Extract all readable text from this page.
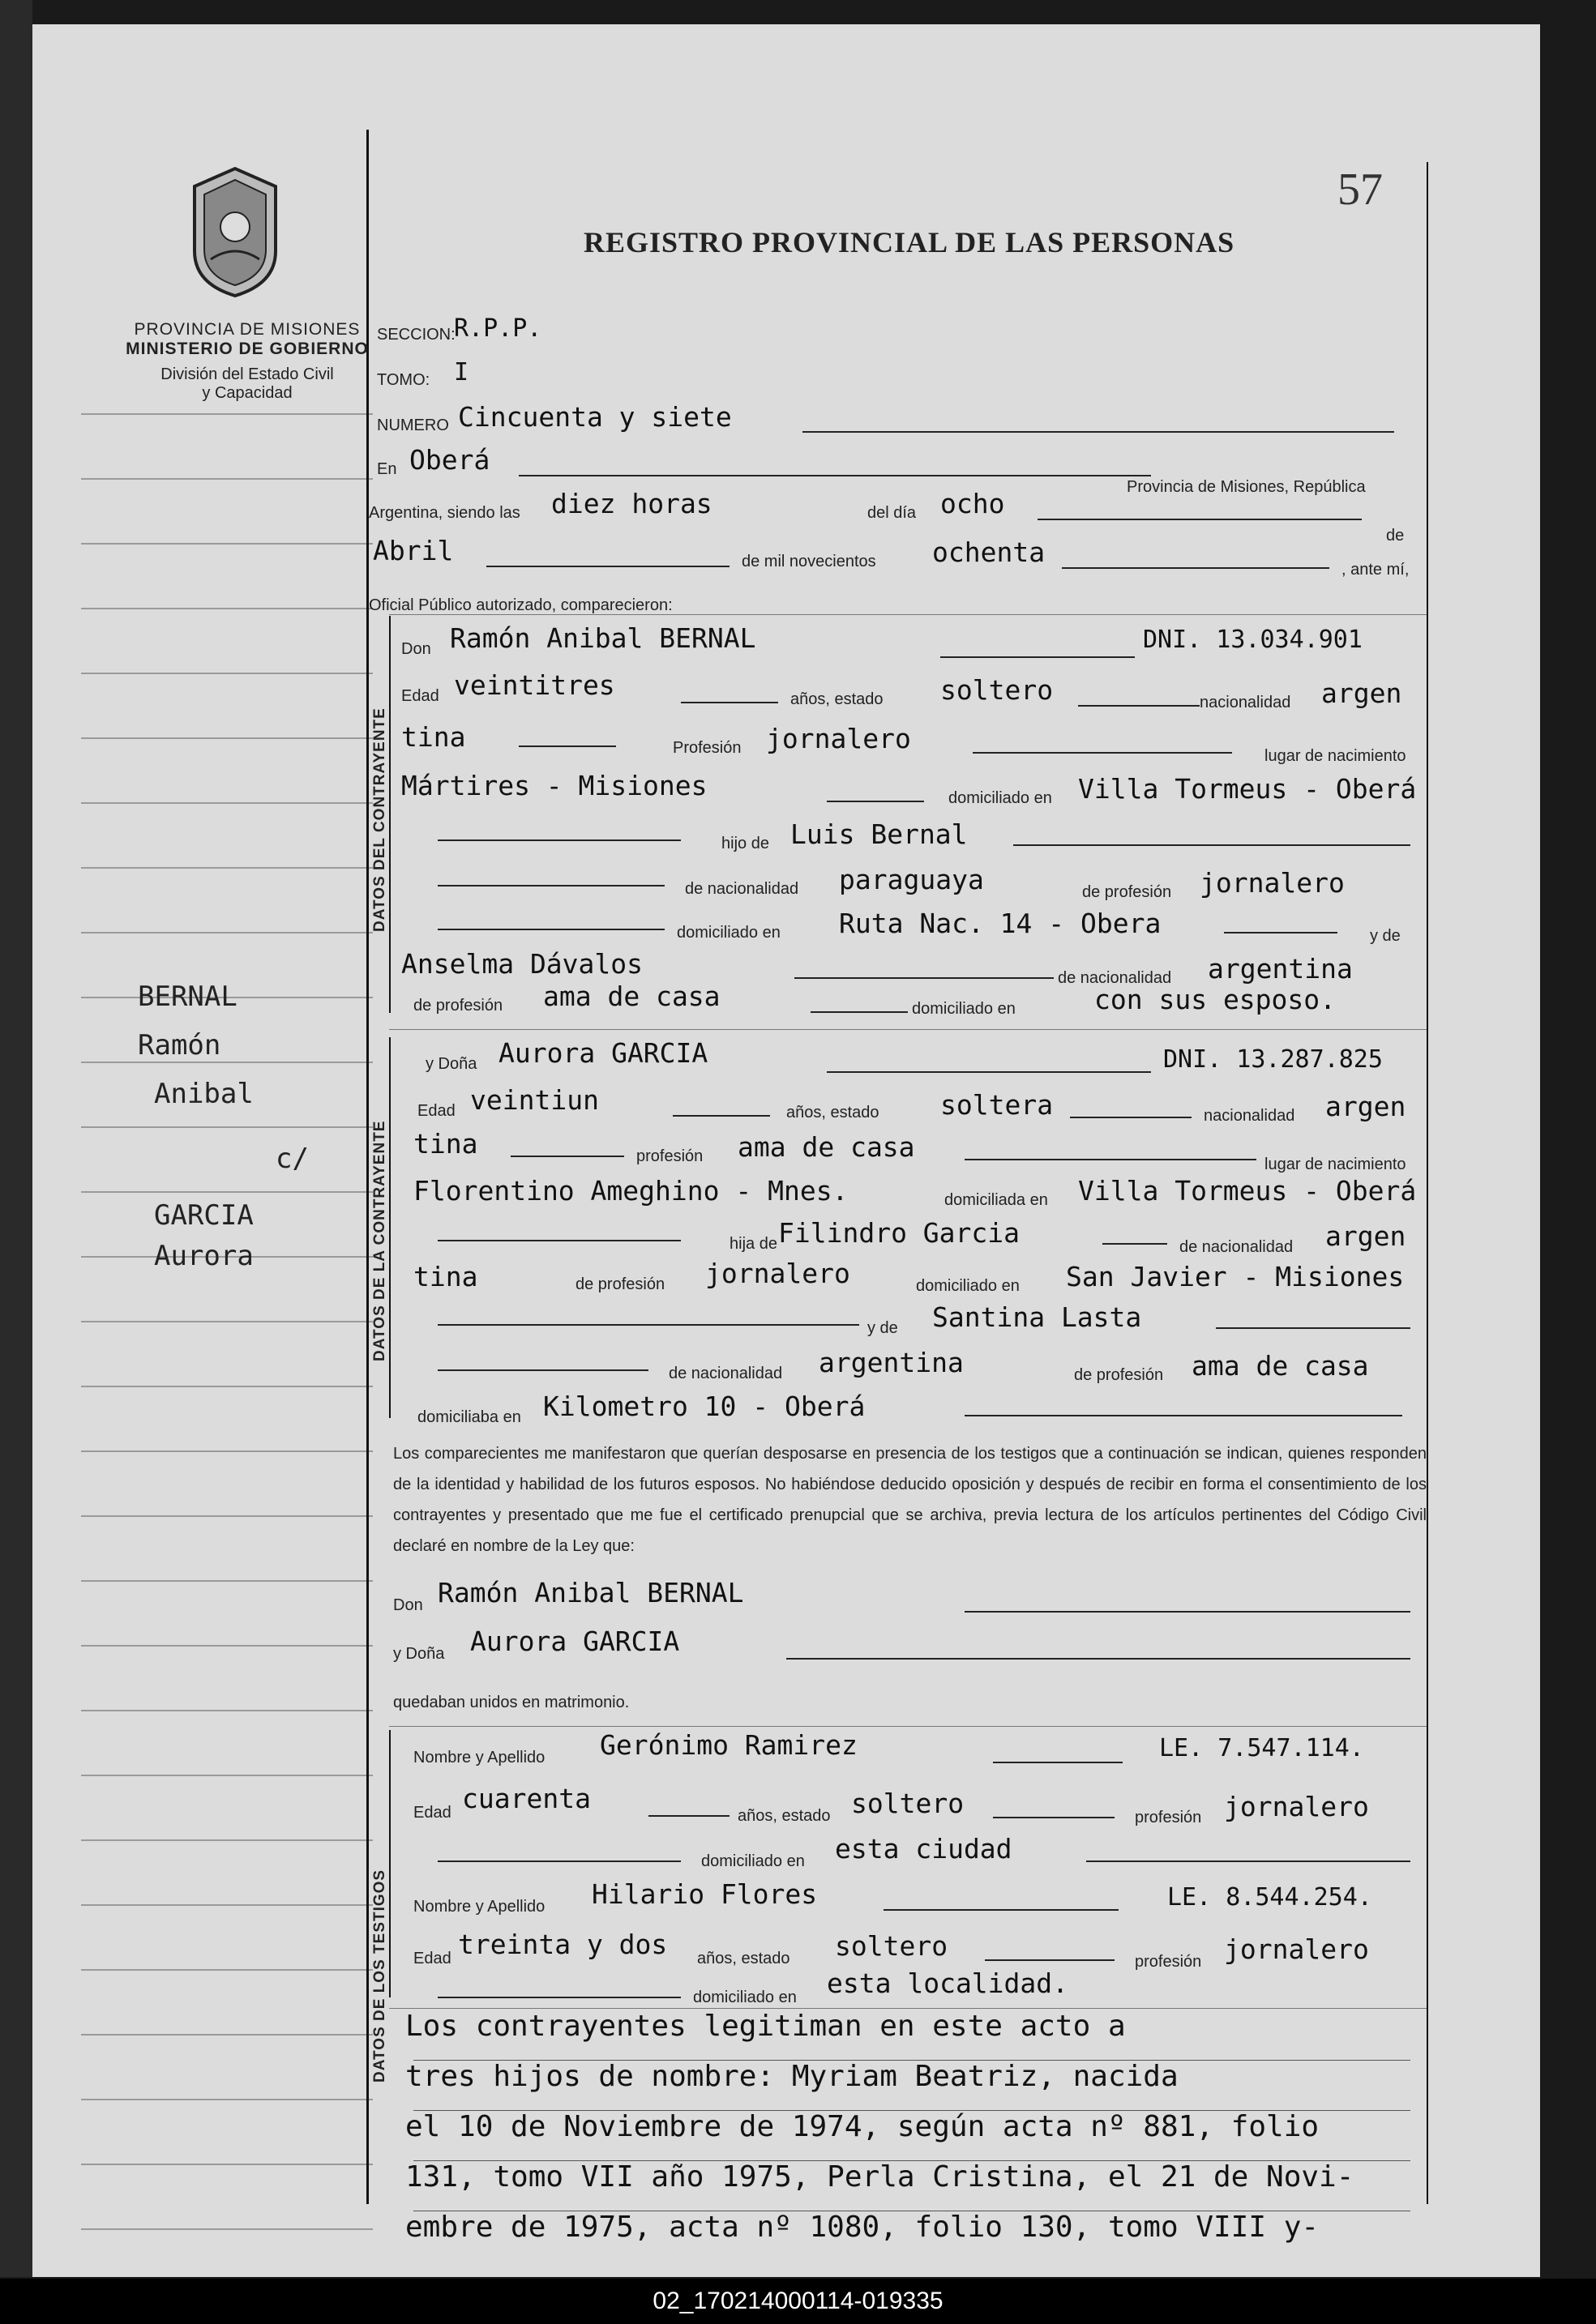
PROVINCIA DE MISIONES
MINISTERIO DE GOBIERNO
División del Estado Civil
y Capacidad
57
REGISTRO PROVINCIAL DE LAS PERSONAS
BERNAL
Ramón
Anibal
c/
GARCIA
Aurora
SECCION:
R.P.P.
TOMO: I
NUMERO Cincuenta y siete
En Oberá
Provincia de Misiones, República
Argentina, siendo las diez horas	del día ocho
de
Abril	de mil novecientos ochenta
, ante mí,
Oficial Público autorizado, comparecieron:
DATOS DEL CONTRAYENTE
Don Ramón Anibal BERNAL	DNI. 13.034.901
Edad veintitres	años, estado soltero	nacionalidad argen
tina	Profesión jornalero
lugar de nacimiento
Mártires - Misiones	domiciliado en Villa Tormeus - Oberá
hijo de Luis Bernal
de nacionalidad paraguaya	de profesión jornalero
domiciliado en Ruta Nac. 14 - Obera	y de
Anselma Dávalos	de nacionalidad argentina
de profesión ama de casa	domiciliado en	con sus esposo.
DATOS DE LA CONTRAYENTE
y Doña Aurora GARCIA	DNI. 13.287.825
Edad veintiun	años, estado soltera	nacionalidad argen
tina	profesión ama de casa
lugar de nacimiento
Florentino Ameghino - Mnes.	domiciliada en Villa Tormeus - Oberá
hija de Filindro Garcia	de nacionalidad argen
tina	de profesión jornalero	domiciliado en San Javier - Misiones
y de Santina Lasta
de nacionalidad argentina	de profesión ama de casa
domiciliaba en Kilometro 10 - Oberá
Los comparecientes me manifestaron que querían desposarse en presencia de los testigos que a continuación se indican, quienes responden de la identidad y habilidad de los futuros esposos. No habiéndose deducido oposición y después de recibir en forma el consentimiento de los contrayentes y presentado que me fue el certificado prenupcial que se archiva, previa lectura de los artículos pertinentes del Código Civil declaré en nombre de la Ley que:
Don Ramón Anibal BERNAL
y Doña Aurora GARCIA
quedaban unidos en matrimonio.
DATOS DE LOS TESTIGOS
Nombre y Apellido Gerónimo Ramirez	LE. 7.547.114.
Edad cuarenta
años, estado soltero	profesión jornalero
domiciliado en esta ciudad
Nombre y Apellido Hilario Flores	LE. 8.544.254.
Edad treinta y dos años, estado soltero	profesión jornalero
domiciliado en esta localidad.
Los contrayentes legitiman en este acto a
tres hijos de nombre: Myriam Beatriz, nacida
el 10 de Noviembre de 1974, según acta nº 881, folio
131, tomo VII año 1975, Perla Cristina, el 21 de Novi-
embre de 1975, acta nº 1080, folio 130, tomo VIII y-
02_170214000114-019335
